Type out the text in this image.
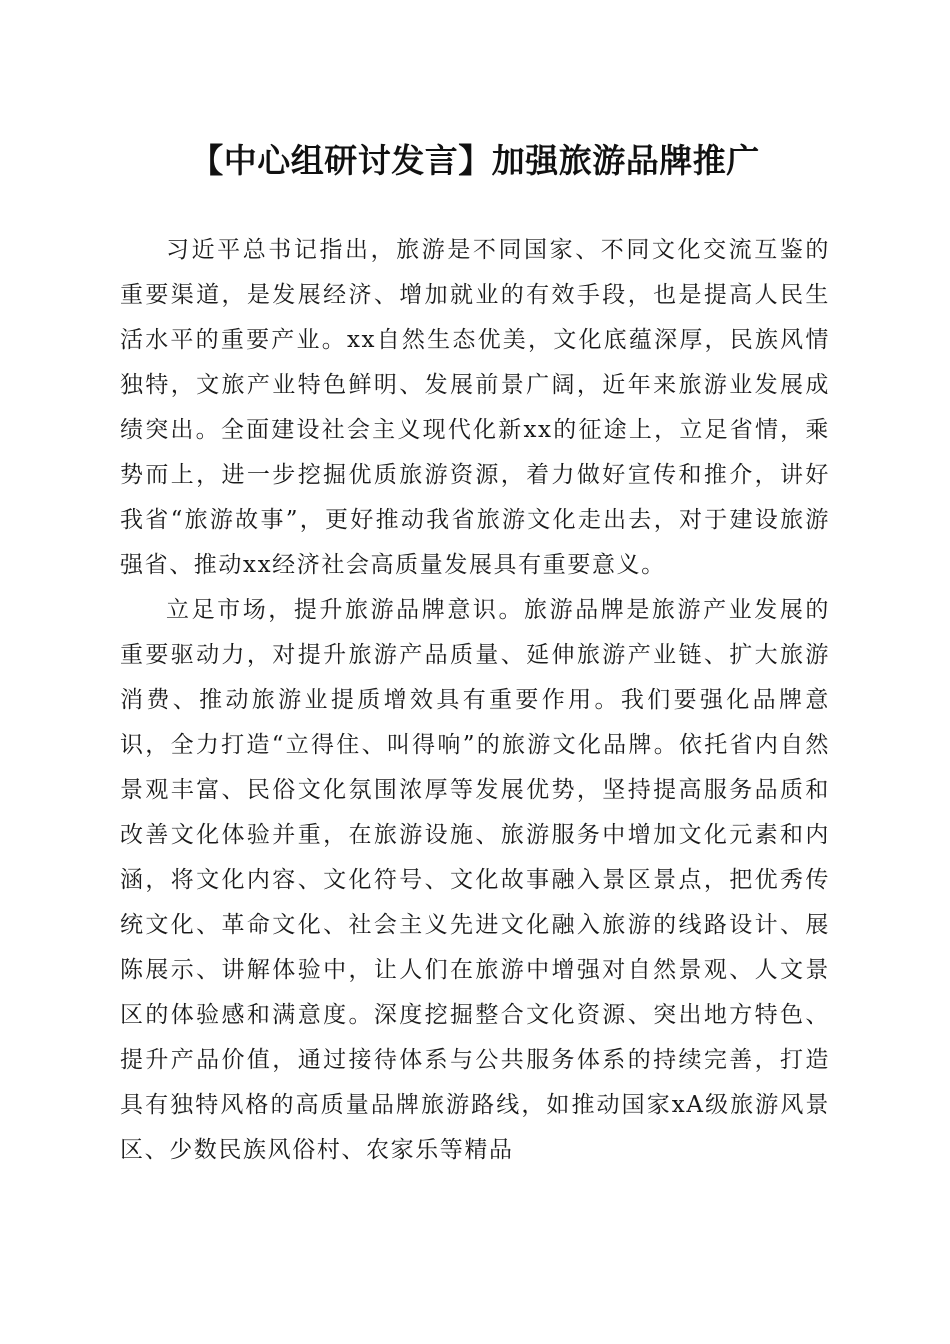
【中心组研讨发言】加强旅游品牌推广

习近平总书记指出，旅游是不同国家、不同文化交流互鉴的重要渠道，是发展经济、增加就业的有效手段，也是提高人民生活水平的重要产业。xx自然生态优美，文化底蕴深厚，民族风情独特，文旅产业特色鲜明、发展前景广阔，近年来旅游业发展成绩突出。全面建设社会主义现代化新xx的征途上，立足省情，乘势而上，进一步挖掘优质旅游资源，着力做好宣传和推介，讲好我省“旅游故事”，更好推动我省旅游文化走出去，对于建设旅游强省、推动xx经济社会高质量发展具有重要意义。

立足市场，提升旅游品牌意识。旅游品牌是旅游产业发展的重要驱动力，对提升旅游产品质量、延伸旅游产业链、扩大旅游消费、推动旅游业提质增效具有重要作用。我们要强化品牌意识，全力打造“立得住、叫得响”的旅游文化品牌。依托省内自然景观丰富、民俗文化氛围浓厚等发展优势，坚持提高服务品质和改善文化体验并重，在旅游设施、旅游服务中增加文化元素和内涵，将文化内容、文化符号、文化故事融入景区景点，把优秀传统文化、革命文化、社会主义先进文化融入旅游的线路设计、展陈展示、讲解体验中，让人们在旅游中增强对自然景观、人文景区的体验感和满意度。深度挖掘整合文化资源、突出地方特色、提升产品价值，通过接待体系与公共服务体系的持续完善，打造具有独特风格的高质量品牌旅游路线，如推动国家xA级旅游风景区、少数民族风俗村、农家乐等精品
